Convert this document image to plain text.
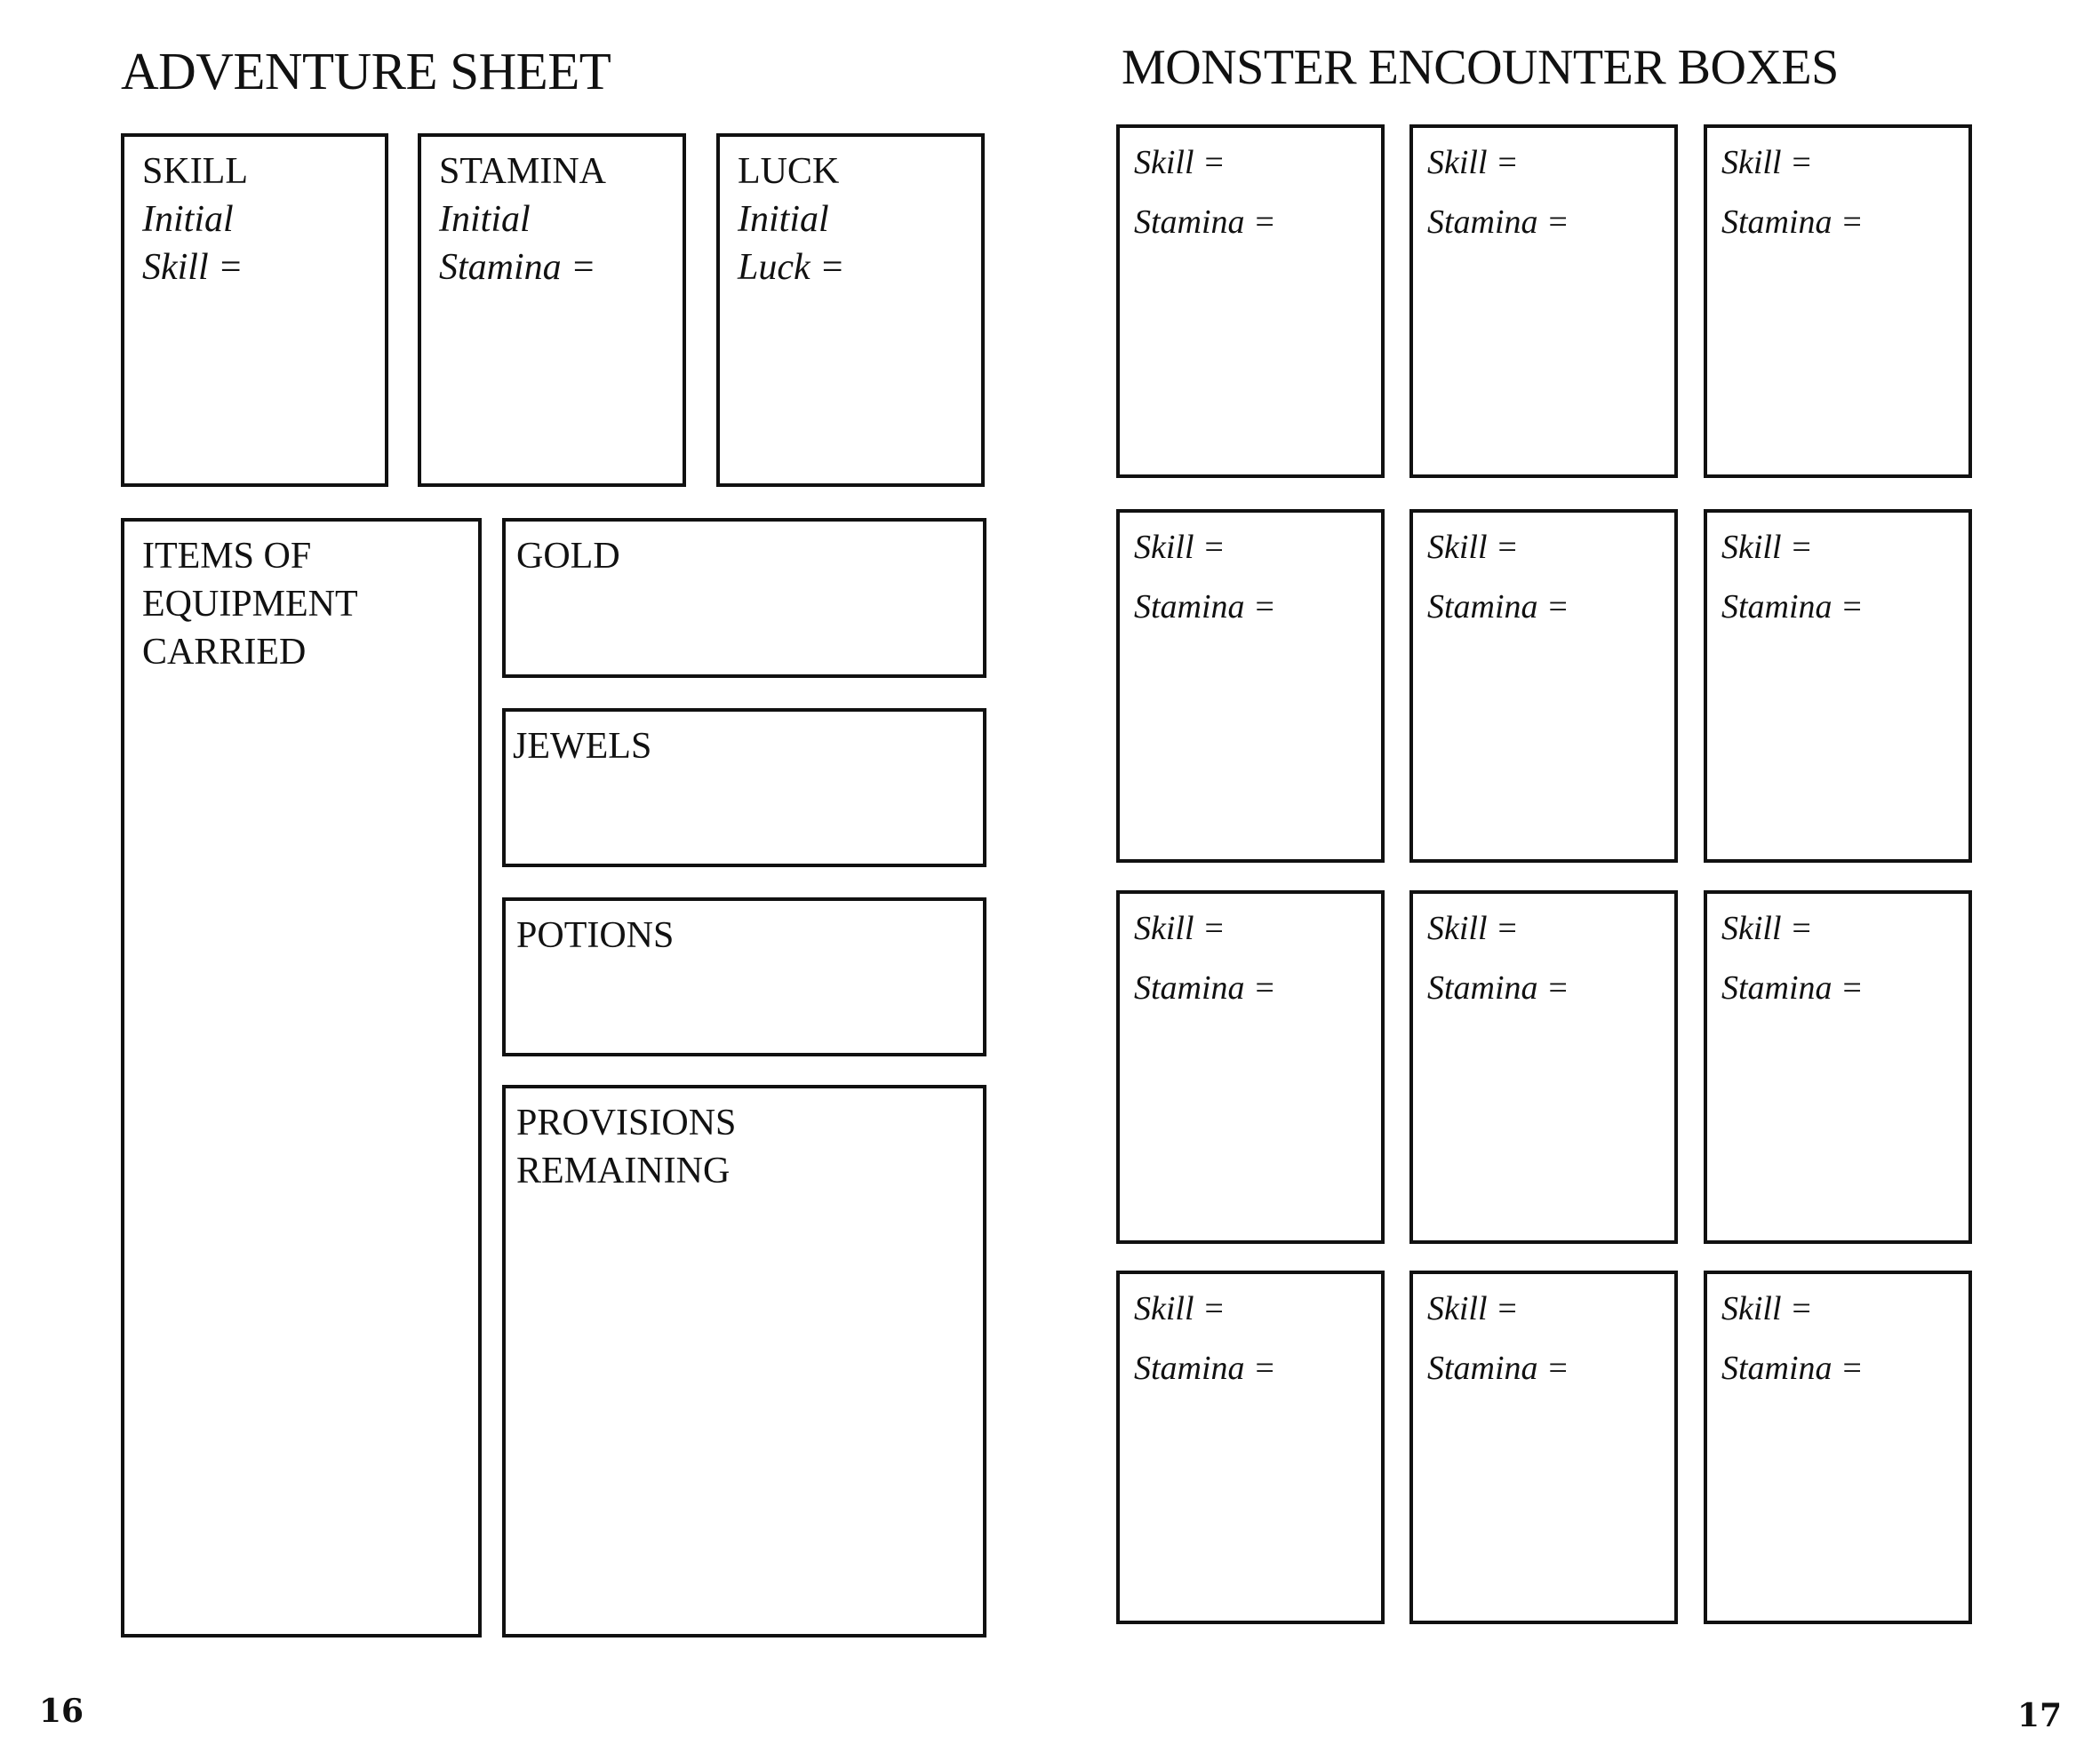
ADVENTURE SHEET
SKILL
Initial
Skill =
STAMINA
Initial
Stamina =
LUCK
Initial
Luck =
ITEMS OF
EQUIPMENT
CARRIED
GOLD
JEWELS
POTIONS
PROVISIONS
REMAINING
16
MONSTER ENCOUNTER BOXES
Skill =
Stamina =
Skill =
Stamina =
Skill =
Stamina =
Skill =
Stamina =
Skill =
Stamina =
Skill =
Stamina =
Skill =
Stamina =
Skill =
Stamina =
Skill =
Stamina =
Skill =
Stamina =
Skill =
Stamina =
Skill =
Stamina =
17
